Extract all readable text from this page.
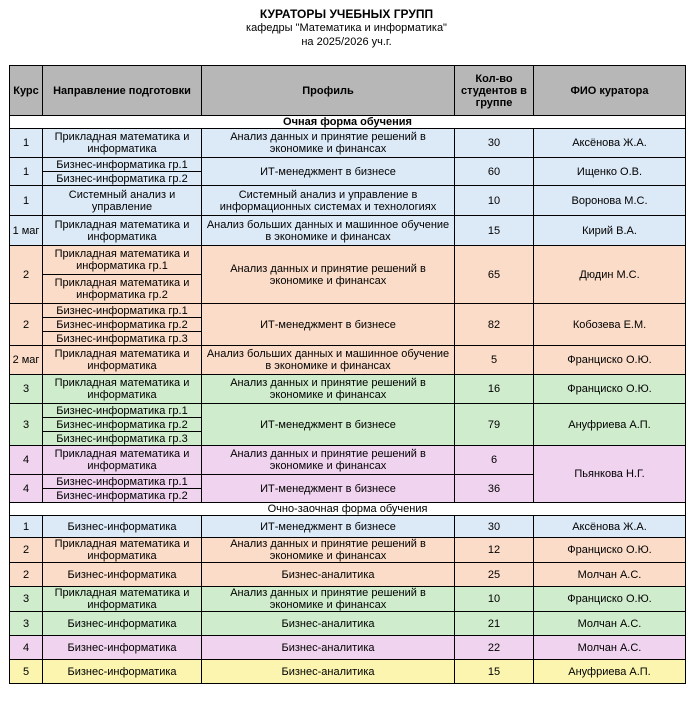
КУРАТОРЫ УЧЕБНЫХ ГРУПП
кафедры "Математика и информатика"
на 2025/2026 уч.г.
Курс	Направление подготовки	Профиль	Кол-во студентов в группе	ФИО куратора
Очная форма обучения				
1	Прикладная математика и информатика	Анализ данных и принятие решений в экономике и финансах	30	Аксёнова Ж.А.
1	Бизнес-информатика гр.1	ИТ-менеджмент в бизнесе	60	Ищенко О.В.
	Бизнес-информатика гр.2			
1	Системный анализ и управление	Системный анализ и управление в информационных системах и технологиях	10	Воронова М.С.
1 маг	Прикладная математика и информатика	Анализ больших данных и машинное обучение в экономике и финансах	15	Кирий В.А.
2	Прикладная математика и информатика гр.1	Анализ данных и принятие решений в экономике и финансах	65	Дюдин М.С.
	Прикладная математика и информатика гр.2			
2	Бизнес-информатика гр.1	ИТ-менеджмент в бизнесе	82	Кобозева Е.М.
	Бизнес-информатика гр.2			
	Бизнес-информатика гр.3			
2 маг	Прикладная математика и информатика	Анализ больших данных и машинное обучение в экономике и финансах	5	Франциско О.Ю.
3	Прикладная математика и информатика	Анализ данных и принятие решений в экономике и финансах	16	Франциско О.Ю.
3	Бизнес-информатика гр.1	ИТ-менеджмент в бизнесе	79	Ануфриева А.П.
	Бизнес-информатика гр.2			
	Бизнес-информатика гр.3			
4	Прикладная математика и информатика	Анализ данных и принятие решений в экономике и финансах	6	Пьянкова Н.Г.
4	Бизнес-информатика гр.1	ИТ-менеджмент в бизнесе	36	
	Бизнес-информатика гр.2			
Очно-заочная форма обучения				
1	Бизнес-информатика	ИТ-менеджмент в бизнесе	30	Аксёнова Ж.А.
2	Прикладная математика и информатика	Анализ данных и принятие решений в экономике и финансах	12	Франциско О.Ю.
2	Бизнес-информатика	Бизнес-аналитика	25	Молчан А.С.
3	Прикладная математика и информатика	Анализ данных и принятие решений в экономике и финансах	10	Франциско О.Ю.
3	Бизнес-информатика	Бизнес-аналитика	21	Молчан А.С.
4	Бизнес-информатика	Бизнес-аналитика	22	Молчан А.С.
5	Бизнес-информатика	Бизнес-аналитика	15	Ануфриева А.П.
